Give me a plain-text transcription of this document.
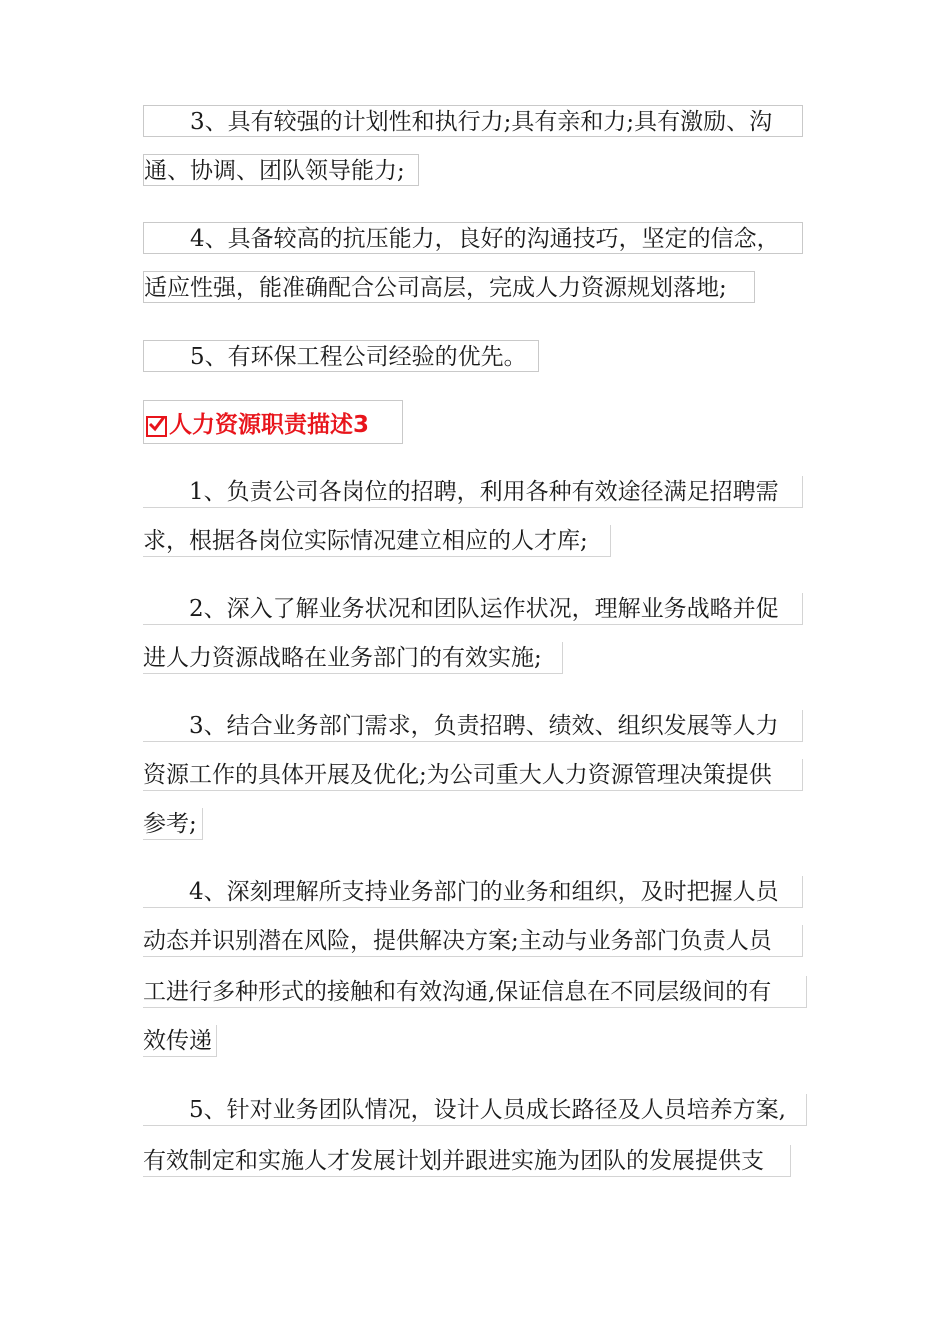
3、具有较强的计划性和执行力;具有亲和力;具有激励、沟
通、协调、团队领导能力;
4、具备较高的抗压能力，良好的沟通技巧，坚定的信念，
适应性强，能准确配合公司高层，完成人力资源规划落地;
5、有环保工程公司经验的优先。
人力资源职责描述3
1、负责公司各岗位的招聘，利用各种有效途径满足招聘需
求，根据各岗位实际情况建立相应的人才库;
2、深入了解业务状况和团队运作状况，理解业务战略并促
进人力资源战略在业务部门的有效实施;
3、结合业务部门需求，负责招聘、绩效、组织发展等人力
资源工作的具体开展及优化;为公司重大人力资源管理决策提供
参考;
4、深刻理解所支持业务部门的业务和组织，及时把握人员
动态并识别潜在风险，提供解决方案;主动与业务部门负责人员
工进行多种形式的接触和有效沟通,保证信息在不同层级间的有
效传递
5、针对业务团队情况，设计人员成长路径及人员培养方案,
有效制定和实施人才发展计划并跟进实施为团队的发展提供支
